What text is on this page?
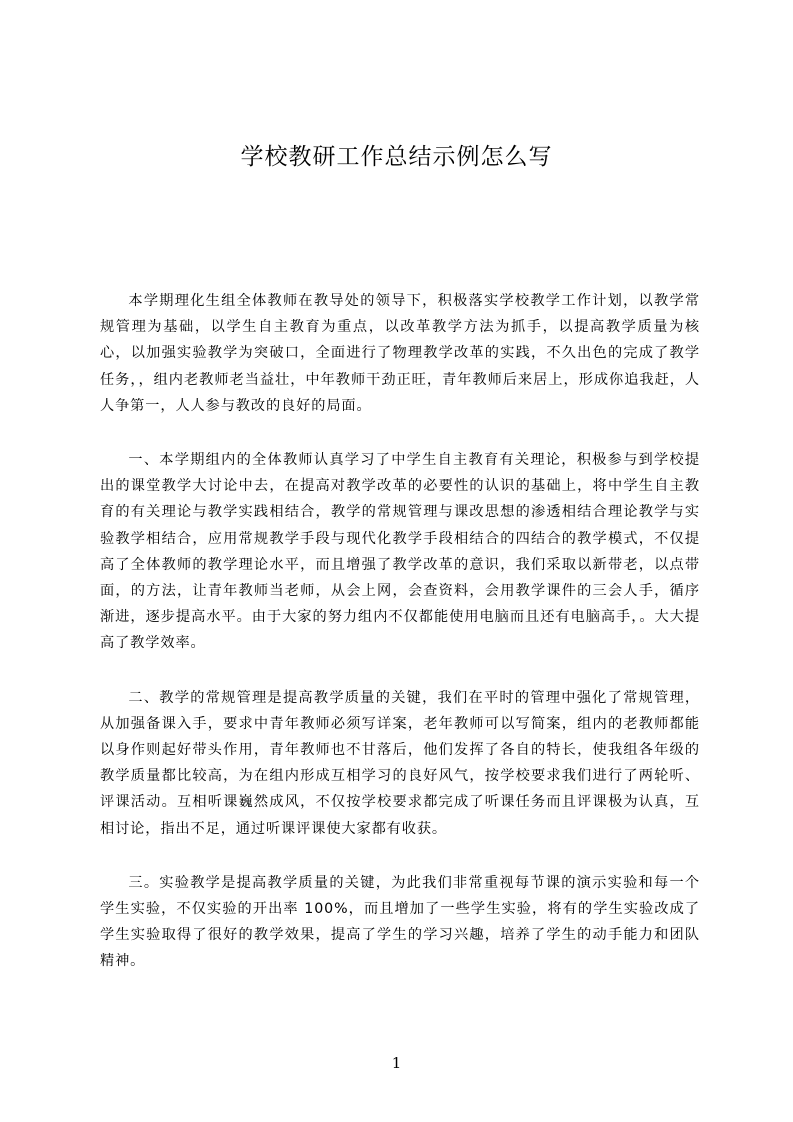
学校教研工作总结示例怎么写

本学期理化生组全体教师在教导处的领导下，积极落实学校教学工作计划，以教学常规管理为基础，以学生自主教育为重点，以改革教学方法为抓手，以提高教学质量为核心，以加强实验教学为突破口，全面进行了物理教学改革的实践，不久出色的完成了教学任务，，组内老教师老当益壮，中年教师干劲正旺，青年教师后来居上，形成你追我赶，人人争第一，人人参与教改的良好的局面。

一、本学期组内的全体教师认真学习了中学生自主教育有关理论，积极参与到学校提出的课堂教学大讨论中去，在提高对教学改革的必要性的认识的基础上，将中学生自主教育的有关理论与教学实践相结合，教学的常规管理与课改思想的渗透相结合理论教学与实验教学相结合，应用常规教学手段与现代化教学手段相结合的四结合的教学模式，不仅提高了全体教师的教学理论水平，而且增强了教学改革的意识，我们采取以新带老，以点带面，的方法，让青年教师当老师，从会上网，会查资料，会用教学课件的三会人手，循序渐进，逐步提高水平。由于大家的努力组内不仅都能使用电脑而且还有电脑高手，。大大提高了教学效率。

二、教学的常规管理是提高教学质量的关键，我们在平时的管理中强化了常规管理，从加强备课入手，要求中青年教师必须写详案，老年教师可以写简案，组内的老教师都能以身作则起好带头作用，青年教师也不甘落后，他们发挥了各自的特长，使我组各年级的教学质量都比较高，为在组内形成互相学习的良好风气，按学校要求我们进行了两轮听、评课活动。互相听课巍然成风，不仅按学校要求都完成了听课任务而且评课极为认真，互相讨论，指出不足，通过听课评课使大家都有收获。

三。实验教学是提高教学质量的关键，为此我们非常重视每节课的演示实验和每一个学生实验，不仅实验的开出率 100%，而且增加了一些学生实验，将有的学生实验改成了学生实验取得了很好的教学效果，提高了学生的学习兴趣，培养了学生的动手能力和团队精神。

1
